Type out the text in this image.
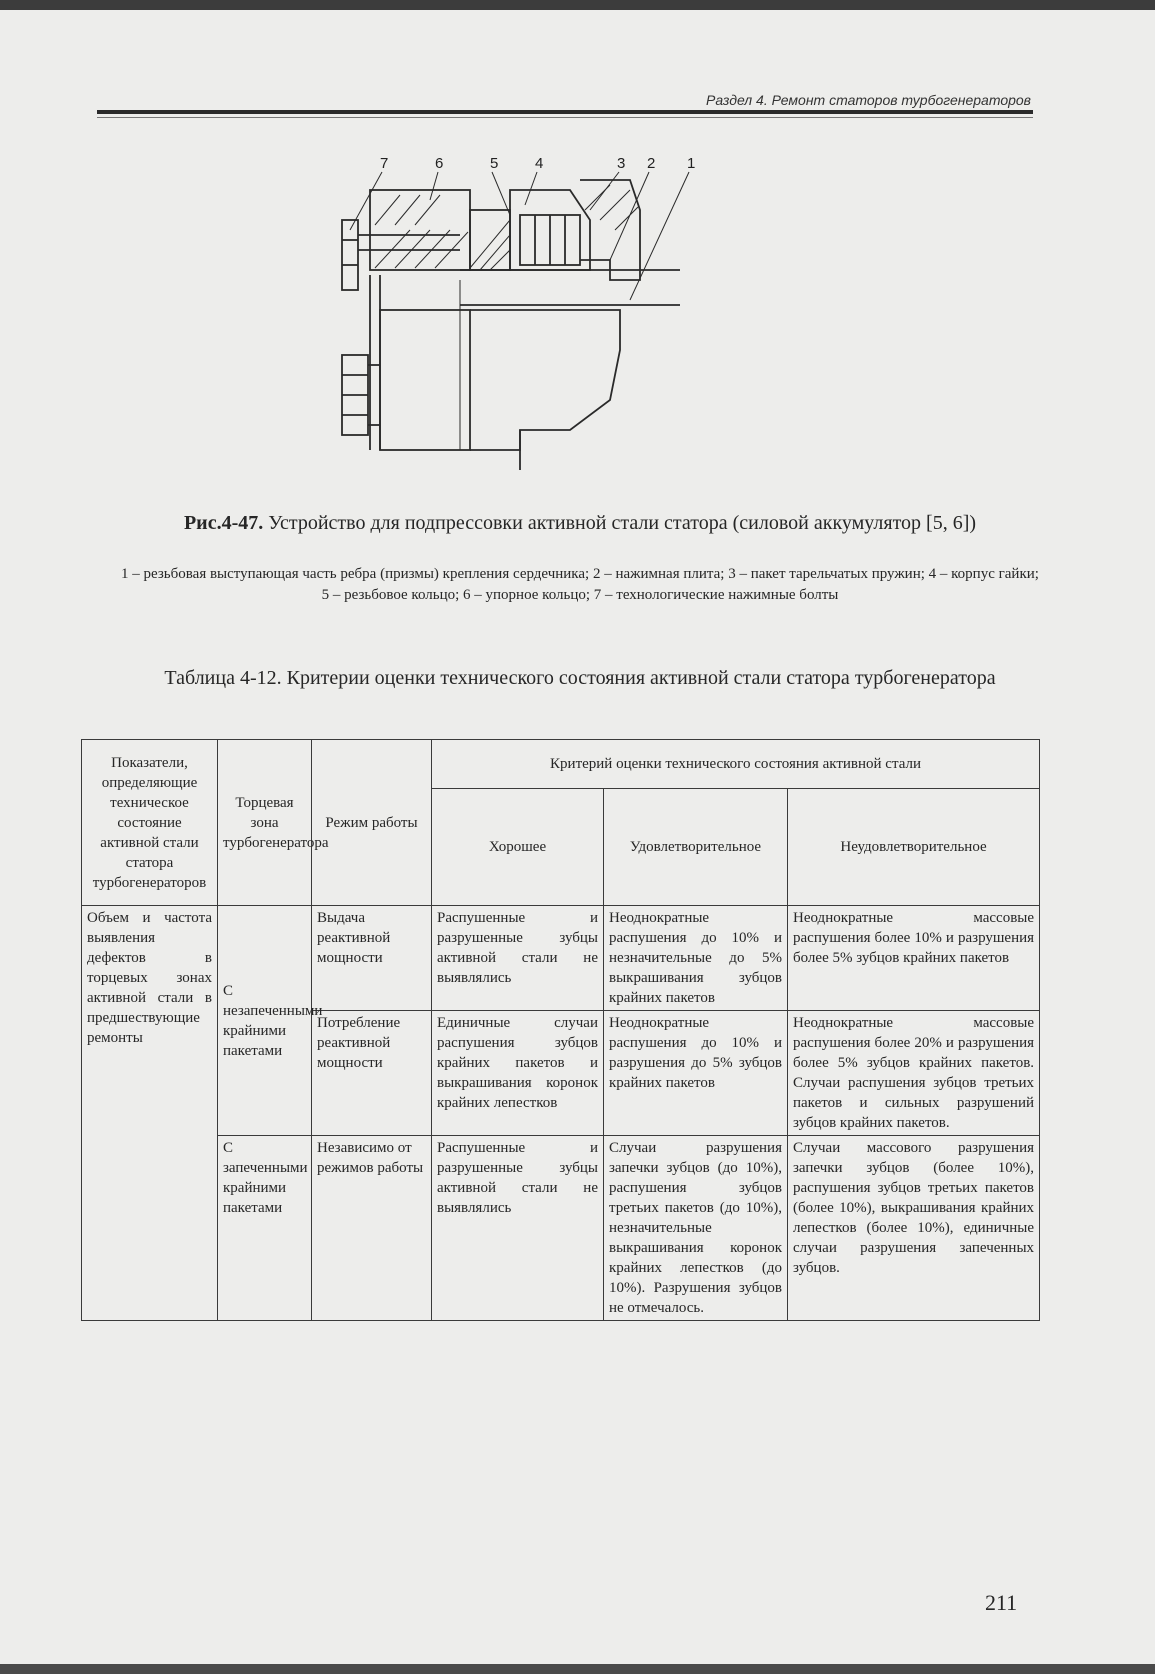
Раздел 4. Ремонт статоров турбогенераторов
7	6	5 4	3 2 1
Рис.4-47. Устройство для подпрессовки активной стали статора (силовой аккумулятор [5, 6])
1 – резьбовая выступающая часть ребра (призмы) крепления сердечника; 2 – нажимная плита; 3 – пакет тарельчатых пружин; 4 – корпус гайки; 5 – резьбовое кольцо; 6 – упорное кольцо; 7 – технологические нажимные болты
Таблица 4-12. Критерии оценки технического состояния активной стали статора турбогенератора
Показатели, определяющие техническое состояние активной стали статора турбогенераторов	Торцевая зона турбогенератора	Режим работы	Критерий оценки технического состояния активной стали		
			Хорошее	Удовлетворительное	Неудовлетворительное
Объем и частота выявления дефектов в торцевых зонах активной стали в предшествующие ремонты	С незапеченными крайними пакетами	Выдача реактивной мощности	Распушенные и разрушенные зубцы активной стали не выявлялись	Неоднократные распушения до 10% и незначительные до 5% выкрашивания зубцов крайних пакетов	Неоднократные массовые распушения более 10% и разрушения более 5% зубцов крайних пакетов
		Потребление реактивной мощности	Единичные случаи распушения зубцов крайних пакетов и выкрашивания коронок крайних лепестков	Неоднократные распушения до 10% и разрушения до 5% зубцов крайних пакетов	Неоднократные массовые распушения более 20% и разрушения более 5% зубцов крайних пакетов. Случаи распушения зубцов третьих пакетов и сильных разрушений зубцов крайних пакетов.
	С запеченными крайними пакетами	Независимо от режимов работы	Распушенные и разрушенные зубцы активной стали не выявлялись	Случаи разрушения запечки зубцов (до 10%), распушения зубцов третьих пакетов (до 10%), незначительные выкрашивания коронок крайних лепестков (до 10%). Разрушения зубцов не отмечалось.	Случаи массового разрушения запечки зубцов (более 10%), распушения зубцов третьих пакетов (более 10%), выкрашивания крайних лепестков (более 10%), единичные случаи разрушения запеченных зубцов.
211
